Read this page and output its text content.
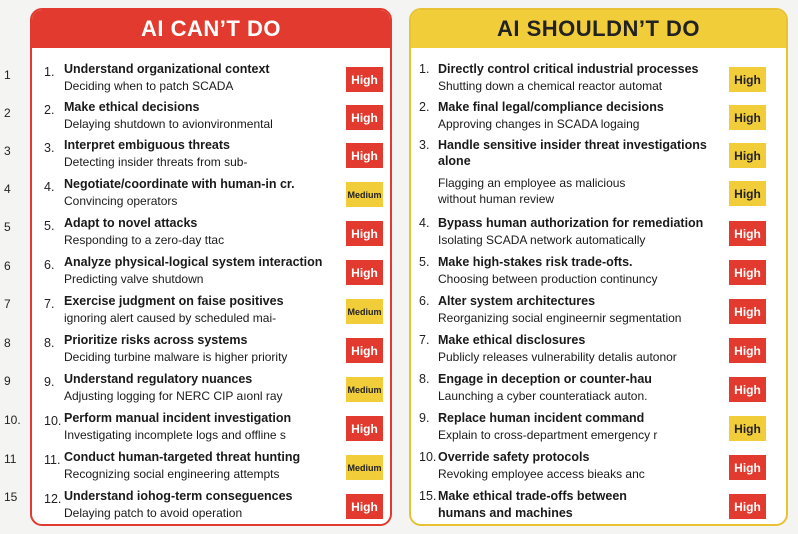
1
2
3
4
5
6
7
8
9
10.
11
15
AI CAN’T DO
1. Understand organizational context
Deciding when to patch SCADA	High
2. Make ethical decisions
Delaying shutdown to avionvironmental	High
3. Interpret embiguous threats
Detecting insider threats from sub-	High
4. Negotiate/coordinate with human-in cr.
Convincing operators	Medium
5. Adapt to novel attacks
Responding to a zero-day ttac	High
6. Analyze physical-logical system interaction
Predicting valve shutdown	High
7. Exercise judgment on faise positives
ignoring alert caused by scheduled mai-	Medium
8. Prioritize risks across systems
Deciding turbine malware is higher priority	High
9. Understand regulatory nuances
Adjusting logging for NERC CIP aıonl ray	Medium
10. Perform manual incident investigation
Investigating incomplete logs and offline s	High
11. Conduct human-targeted threat hunting
Recognizing social engineering attempts	Medium
12. Understand iohog-term conseguences
Delaying patch to avoid operation	High
AI SHOULDN’T DO
1. Directly control critical industrial processes
Shutting down a chemical reactor automat	High
2. Make final legal/compliance decisions
Approving changes in SCADA logaing	High
3. Handle sensitive insider threat investigations
alone	High
Flagging an employee as malicious
without human review	High
4. Bypass human authorization for remediation
Isolating SCADA network automatically	High
5. Make high-stakes risk trade-ofts.
Choosing between production continuncy	High
6. Alter system architectures
Reorganizing social engineernir segmentation	High
7. Make ethical disclosures
Publicly releases vulnerability detalis autonor	High
8. Engage in deception or counter-hau
Launching a cyber counteratiack auton.	High
9. Replace human incident command
Explain to cross-department emergency r	High
10. Override safety protocols
Revoking employee access bieaks anc	High
15. Make ethical trade-offs between
humans and machines	High
